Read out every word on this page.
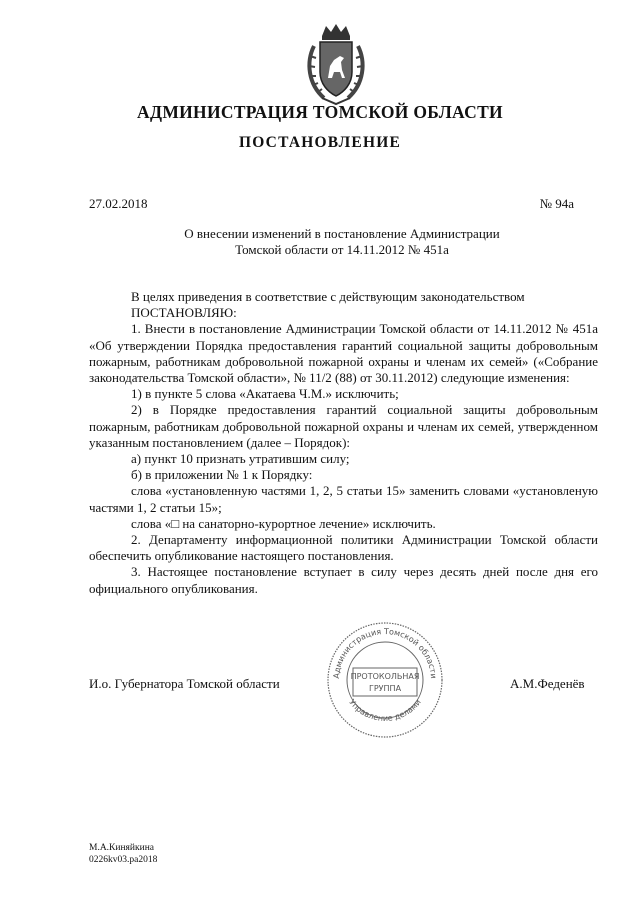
АДМИНИСТРАЦИЯ ТОМСКОЙ ОБЛАСТИ
ПОСТАНОВЛЕНИЕ
27.02.2018	№ 94а
О внесении изменений в постановление Администрации
Томской области от 14.11.2012 № 451а

В целях приведения в соответствие с действующим законодательством

ПОСТАНОВЛЯЮ:

1. Внести в постановление Администрации Томской области от 14.11.2012 № 451а «Об утверждении Порядка предоставления гарантий социальной защиты добровольным пожарным, работникам добровольной пожарной охраны и членам их семей» («Собрание законодательства Томской области», № 11/2 (88) от 30.11.2012) следующие изменения:

1) в пункте 5 слова «Акатаева Ч.М.» исключить;

2) в Порядке предоставления гарантий социальной защиты добровольным пожарным, работникам добровольной пожарной охраны и членам их семей, утвержденном указанным постановлением (далее – Порядок):

а) пункт 10 признать утратившим силу;

б) в приложении № 1 к Порядку:

слова «установленную частями 1, 2, 5 статьи 15» заменить словами «установленую частями 1, 2 статьи 15»;

слова «□ на санаторно-курортное лечение» исключить.

2. Департаменту информационной политики Администрации Томской области обеспечить опубликование настоящего постановления.

3. Настоящее постановление вступает в силу через десять дней после дня его официального опубликования.

Администрация Томской области
Управление делами
ПРОТОКОЛЬНАЯ
ГРУППА
И.о. Губернатора Томской области	А.М.Феденёв
М.А.Киняйкина
0226kv03.ра2018
